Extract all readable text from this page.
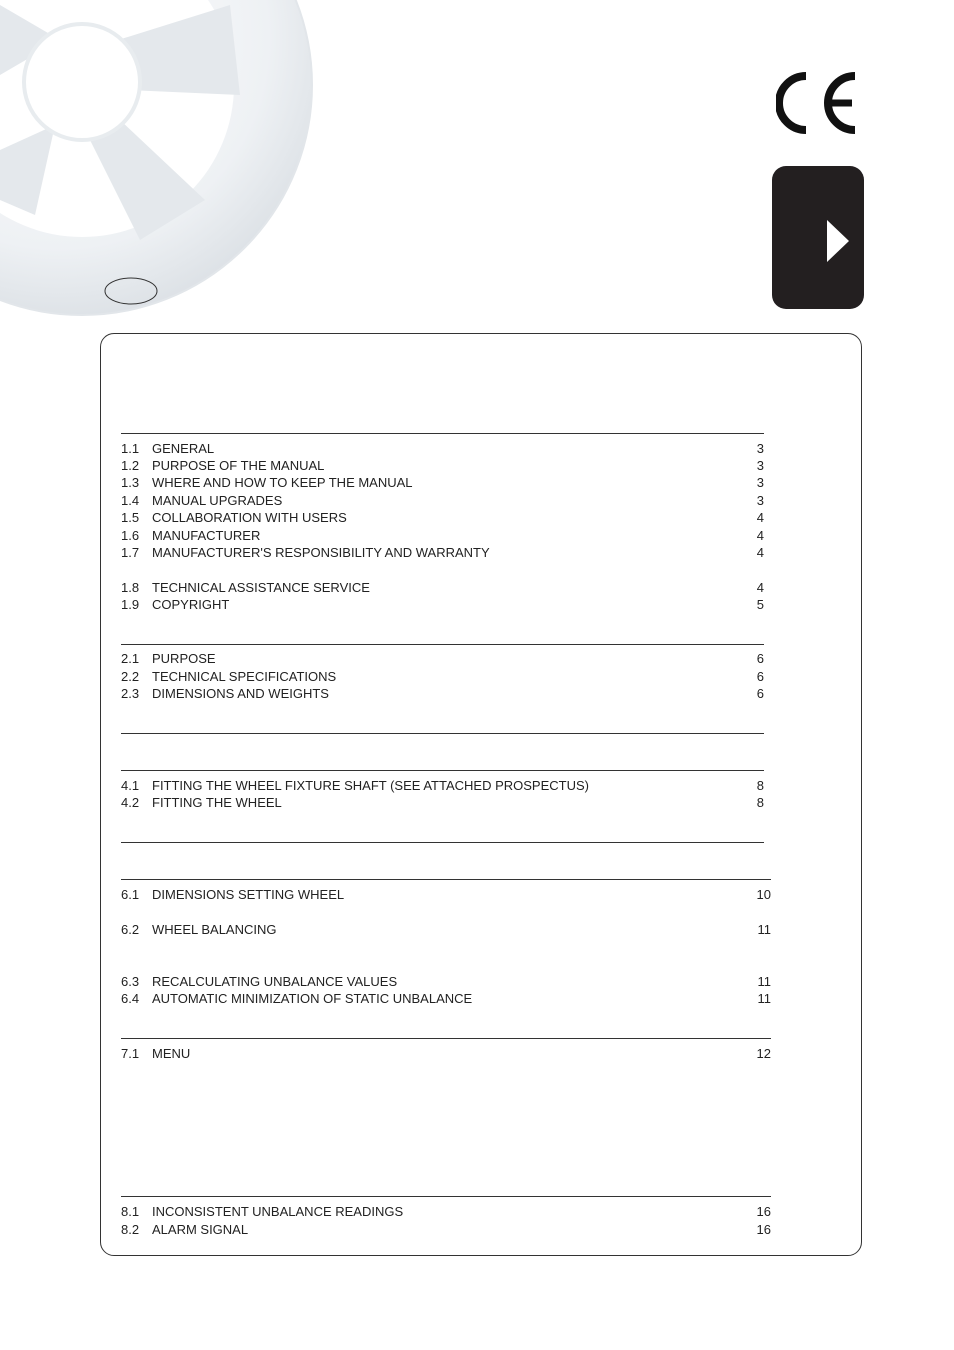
1.1 GENERAL	3
1.2 PURPOSE OF THE MANUAL	3
1.3 WHERE AND HOW TO KEEP THE MANUAL	3
1.4 MANUAL UPGRADES	3
1.5 COLLABORATION WITH USERS	4
1.6 MANUFACTURER	4
1.7 MANUFACTURER'S RESPONSIBILITY AND WARRANTY	4
1.8 TECHNICAL ASSISTANCE SERVICE	4
1.9 COPYRIGHT	5
2.1 PURPOSE	6
2.2 TECHNICAL SPECIFICATIONS	6
2.3 DIMENSIONS AND WEIGHTS	6
4.1 FITTING THE WHEEL FIXTURE SHAFT (SEE ATTACHED PROSPECTUS)	8
4.2 FITTING THE WHEEL	8
6.1 DIMENSIONS SETTING WHEEL	10
6.2 WHEEL BALANCING	11
6.3 RECALCULATING UNBALANCE VALUES	11
6.4 AUTOMATIC MINIMIZATION OF STATIC UNBALANCE	11
7.1 MENU	12
8.1 INCONSISTENT UNBALANCE READINGS	16
8.2 ALARM SIGNAL	16
